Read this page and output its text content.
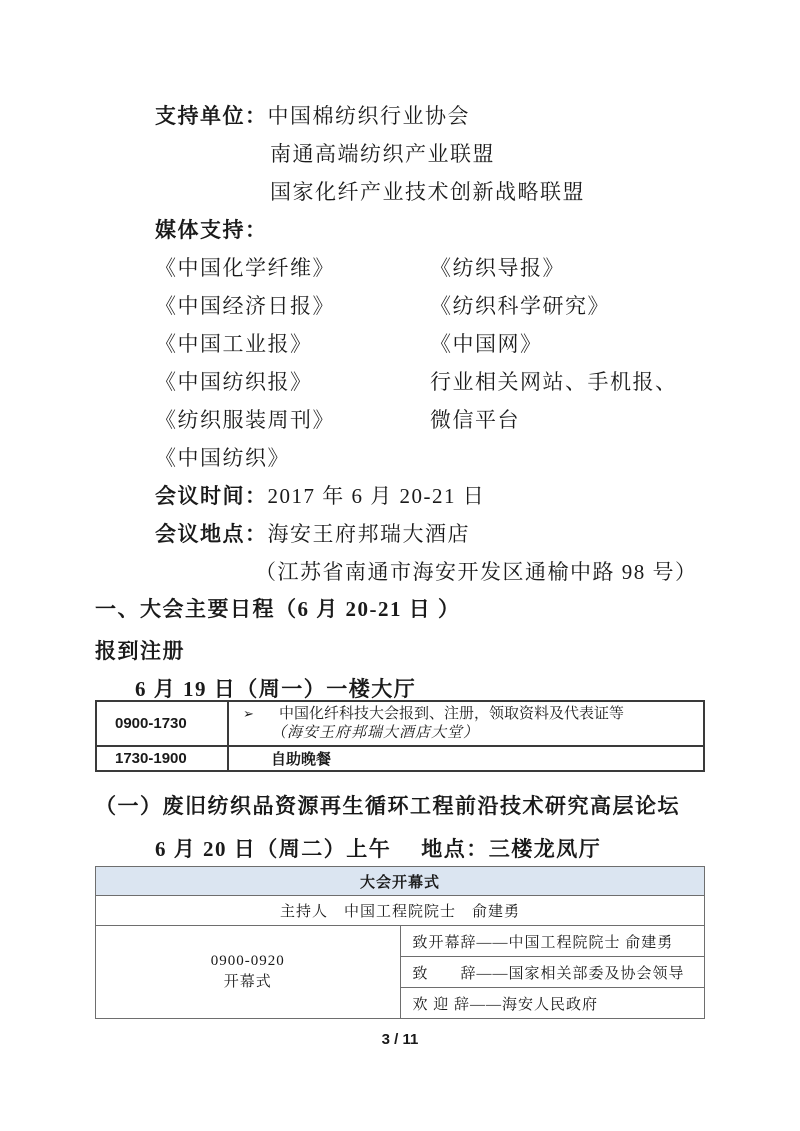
支持单位：中国棉纺织行业协会
南通高端纺织产业联盟
国家化纤产业技术创新战略联盟
媒体支持：
《中国化学纤维》	《纺织导报》
《中国经济日报》	《纺织科学研究》
《中国工业报》	《中国网》
《中国纺织报》	行业相关网站、手机报、
《纺织服装周刊》	微信平台
《中国纺织》
会议时间：2017 年 6 月 20-21 日
会议地点：海安王府邦瑞大酒店
（江苏省南通市海安开发区通榆中路 98 号）
一、大会主要日程（6 月 20-21 日 ）
报到注册
6 月 19 日（周一）一楼大厅
0900-1730	➢ 中国化纤科技大会报到、注册，领取资料及代表证等
（海安王府邦瑞大酒店大堂）

1730-1900	自助晚餐
（一）废旧纺织品资源再生循环工程前沿技术研究高层论坛
6 月 20 日（周二）上午 地点：三楼龙凤厅
大会开幕式
主持人　中国工程院院士　俞建勇

0900-0920
开幕式
	致开幕辞——中国工程院院士 俞建勇
致　　辞——国家相关部委及协会领导
欢 迎 辞——海安人民政府
3 / 11
